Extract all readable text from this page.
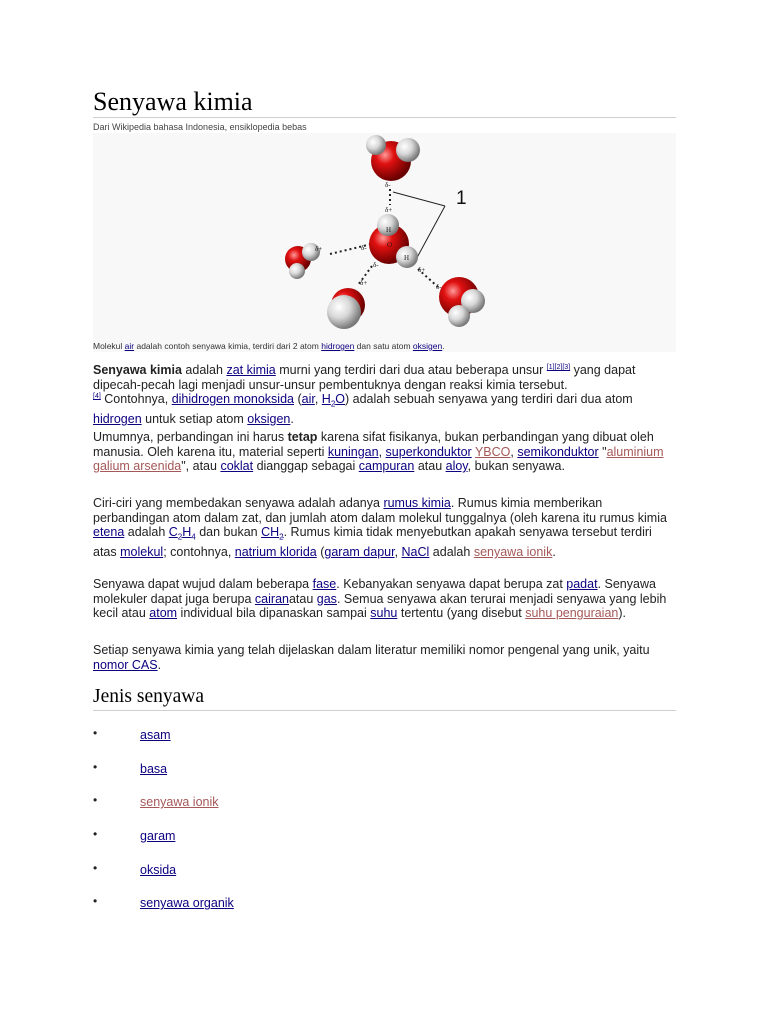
Senyawa kimia
Dari Wikipedia bahasa Indonesia, ensiklopedia bebas
δ-
δ+
δ+	δ-
δ-
δ+
δ+
δ-
H
O
H
1
Molekul air adalah contoh senyawa kimia, terdiri dari 2 atom hidrogen dan satu atom oksigen.

Senyawa kimia adalah zat kimia murni yang terdiri dari dua atau beberapa unsur [1][2][3] yang dapat dipecah-pecah lagi menjadi unsur-unsur pembentuknya dengan reaksi kimia tersebut.
[4] Contohnya, dihidrogen monoksida (air, $H_2O$) adalah sebuah senyawa yang terdiri dari dua atom hidrogen untuk setiap atom oksigen.

Umumnya, perbandingan ini harus tetap karena sifat fisikanya, bukan perbandingan yang dibuat oleh manusia. Oleh karena itu, material seperti kuningan, superkonduktor YBCO, semikonduktor "aluminium galium arsenida", atau coklat dianggap sebagai campuran atau aloy, bukan senyawa.

Ciri-ciri yang membedakan senyawa adalah adanya rumus kimia. Rumus kimia memberikan perbandingan atom dalam zat, dan jumlah atom dalam molekul tunggalnya (oleh karena itu rumus kimia etena adalah $C_2H_4$ dan bukan $CH_2$. Rumus kimia tidak menyebutkan apakah senyawa tersebut terdiri atas molekul; contohnya, natrium klorida (garam dapur, NaCl adalah senyawa ionik.

Senyawa dapat wujud dalam beberapa fase. Kebanyakan senyawa dapat berupa zat padat. Senyawa molekuler dapat juga berupa cairanatau gas. Semua senyawa akan terurai menjadi senyawa yang lebih kecil atau atom individual bila dipanaskan sampai suhu tertentu (yang disebut suhu penguraian).

Setiap senyawa kimia yang telah dijelaskan dalam literatur memiliki nomor pengenal yang unik, yaitu nomor CAS.

Jenis senyawa
•	asam
•	basa
•	senyawa ionik
•	garam
•	oksida
•	senyawa organik
